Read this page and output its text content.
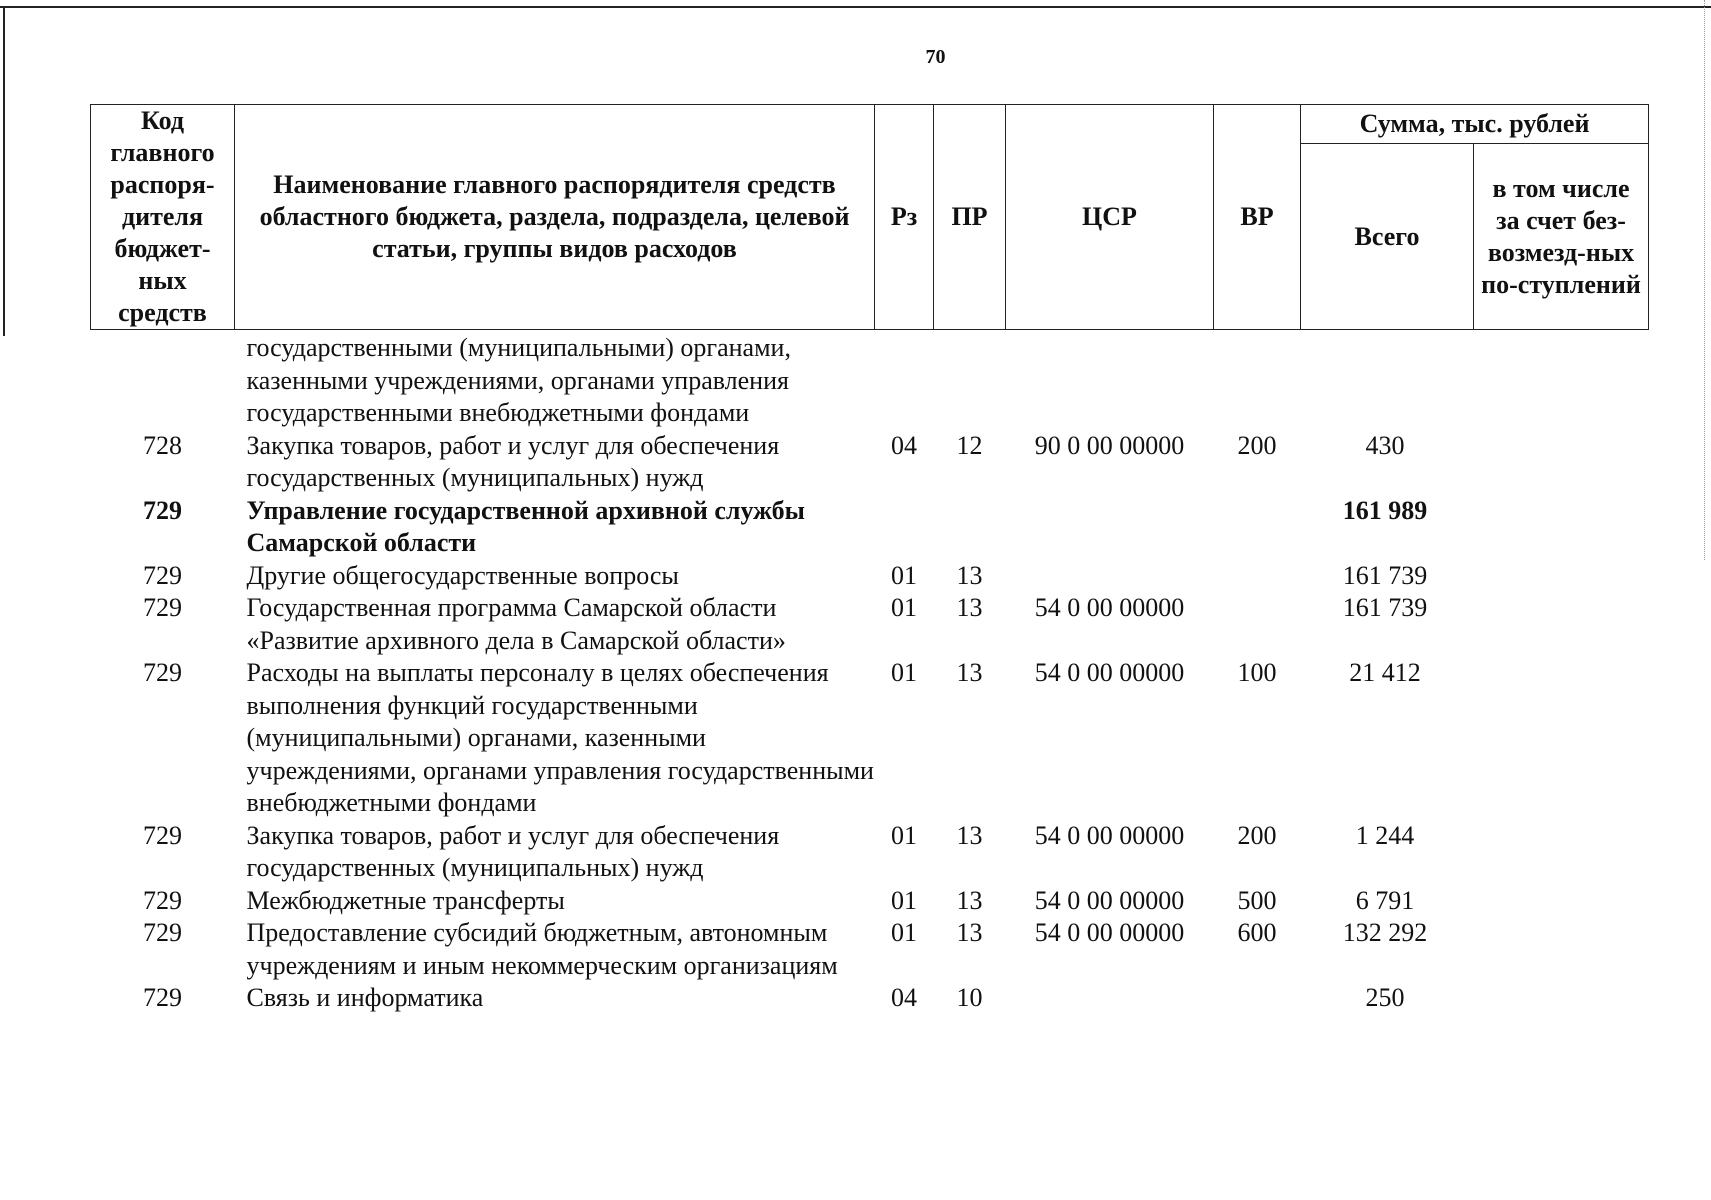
70
Код главного распоря-дителя бюджет-ных средств	Наименование главного распорядителя средств областного бюджета, раздела, подраздела, целевой статьи, группы видов расходов	Рз	ПР	ЦСР	ВР	Сумма, тыс. рублей	
						Всего	в том числе за счет без-возмезд-ных по-ступлений
	государственными (муниципальными) органами, казенными учреждениями, органами управления государственными внебюджетными фондами						
728	Закупка товаров, работ и услуг для обеспечения государственных (муниципальных) нужд	04	12	90 0 00 00000	200	430	
729	Управление государственной архивной службы Самарской области					161 989	
729	Другие общегосударственные вопросы	01	13			161 739	
729	Государственная программа Самарской области «Развитие архивного дела в Самарской области»	01	13	54 0 00 00000		161 739	
729	Расходы на выплаты персоналу в целях обеспечения выполнения функций государственными (муниципальными) органами, казенными учреждениями, органами управления государственными внебюджетными фондами	01	13	54 0 00 00000	100	21 412	
729	Закупка товаров, работ и услуг для обеспечения государственных (муниципальных) нужд	01	13	54 0 00 00000	200	1 244	
729	Межбюджетные трансферты	01	13	54 0 00 00000	500	6 791	
729	Предоставление субсидий бюджетным, автономным учреждениям и иным некоммерческим организациям	01	13	54 0 00 00000	600	132 292	
729	Связь и информатика	04	10			250	
